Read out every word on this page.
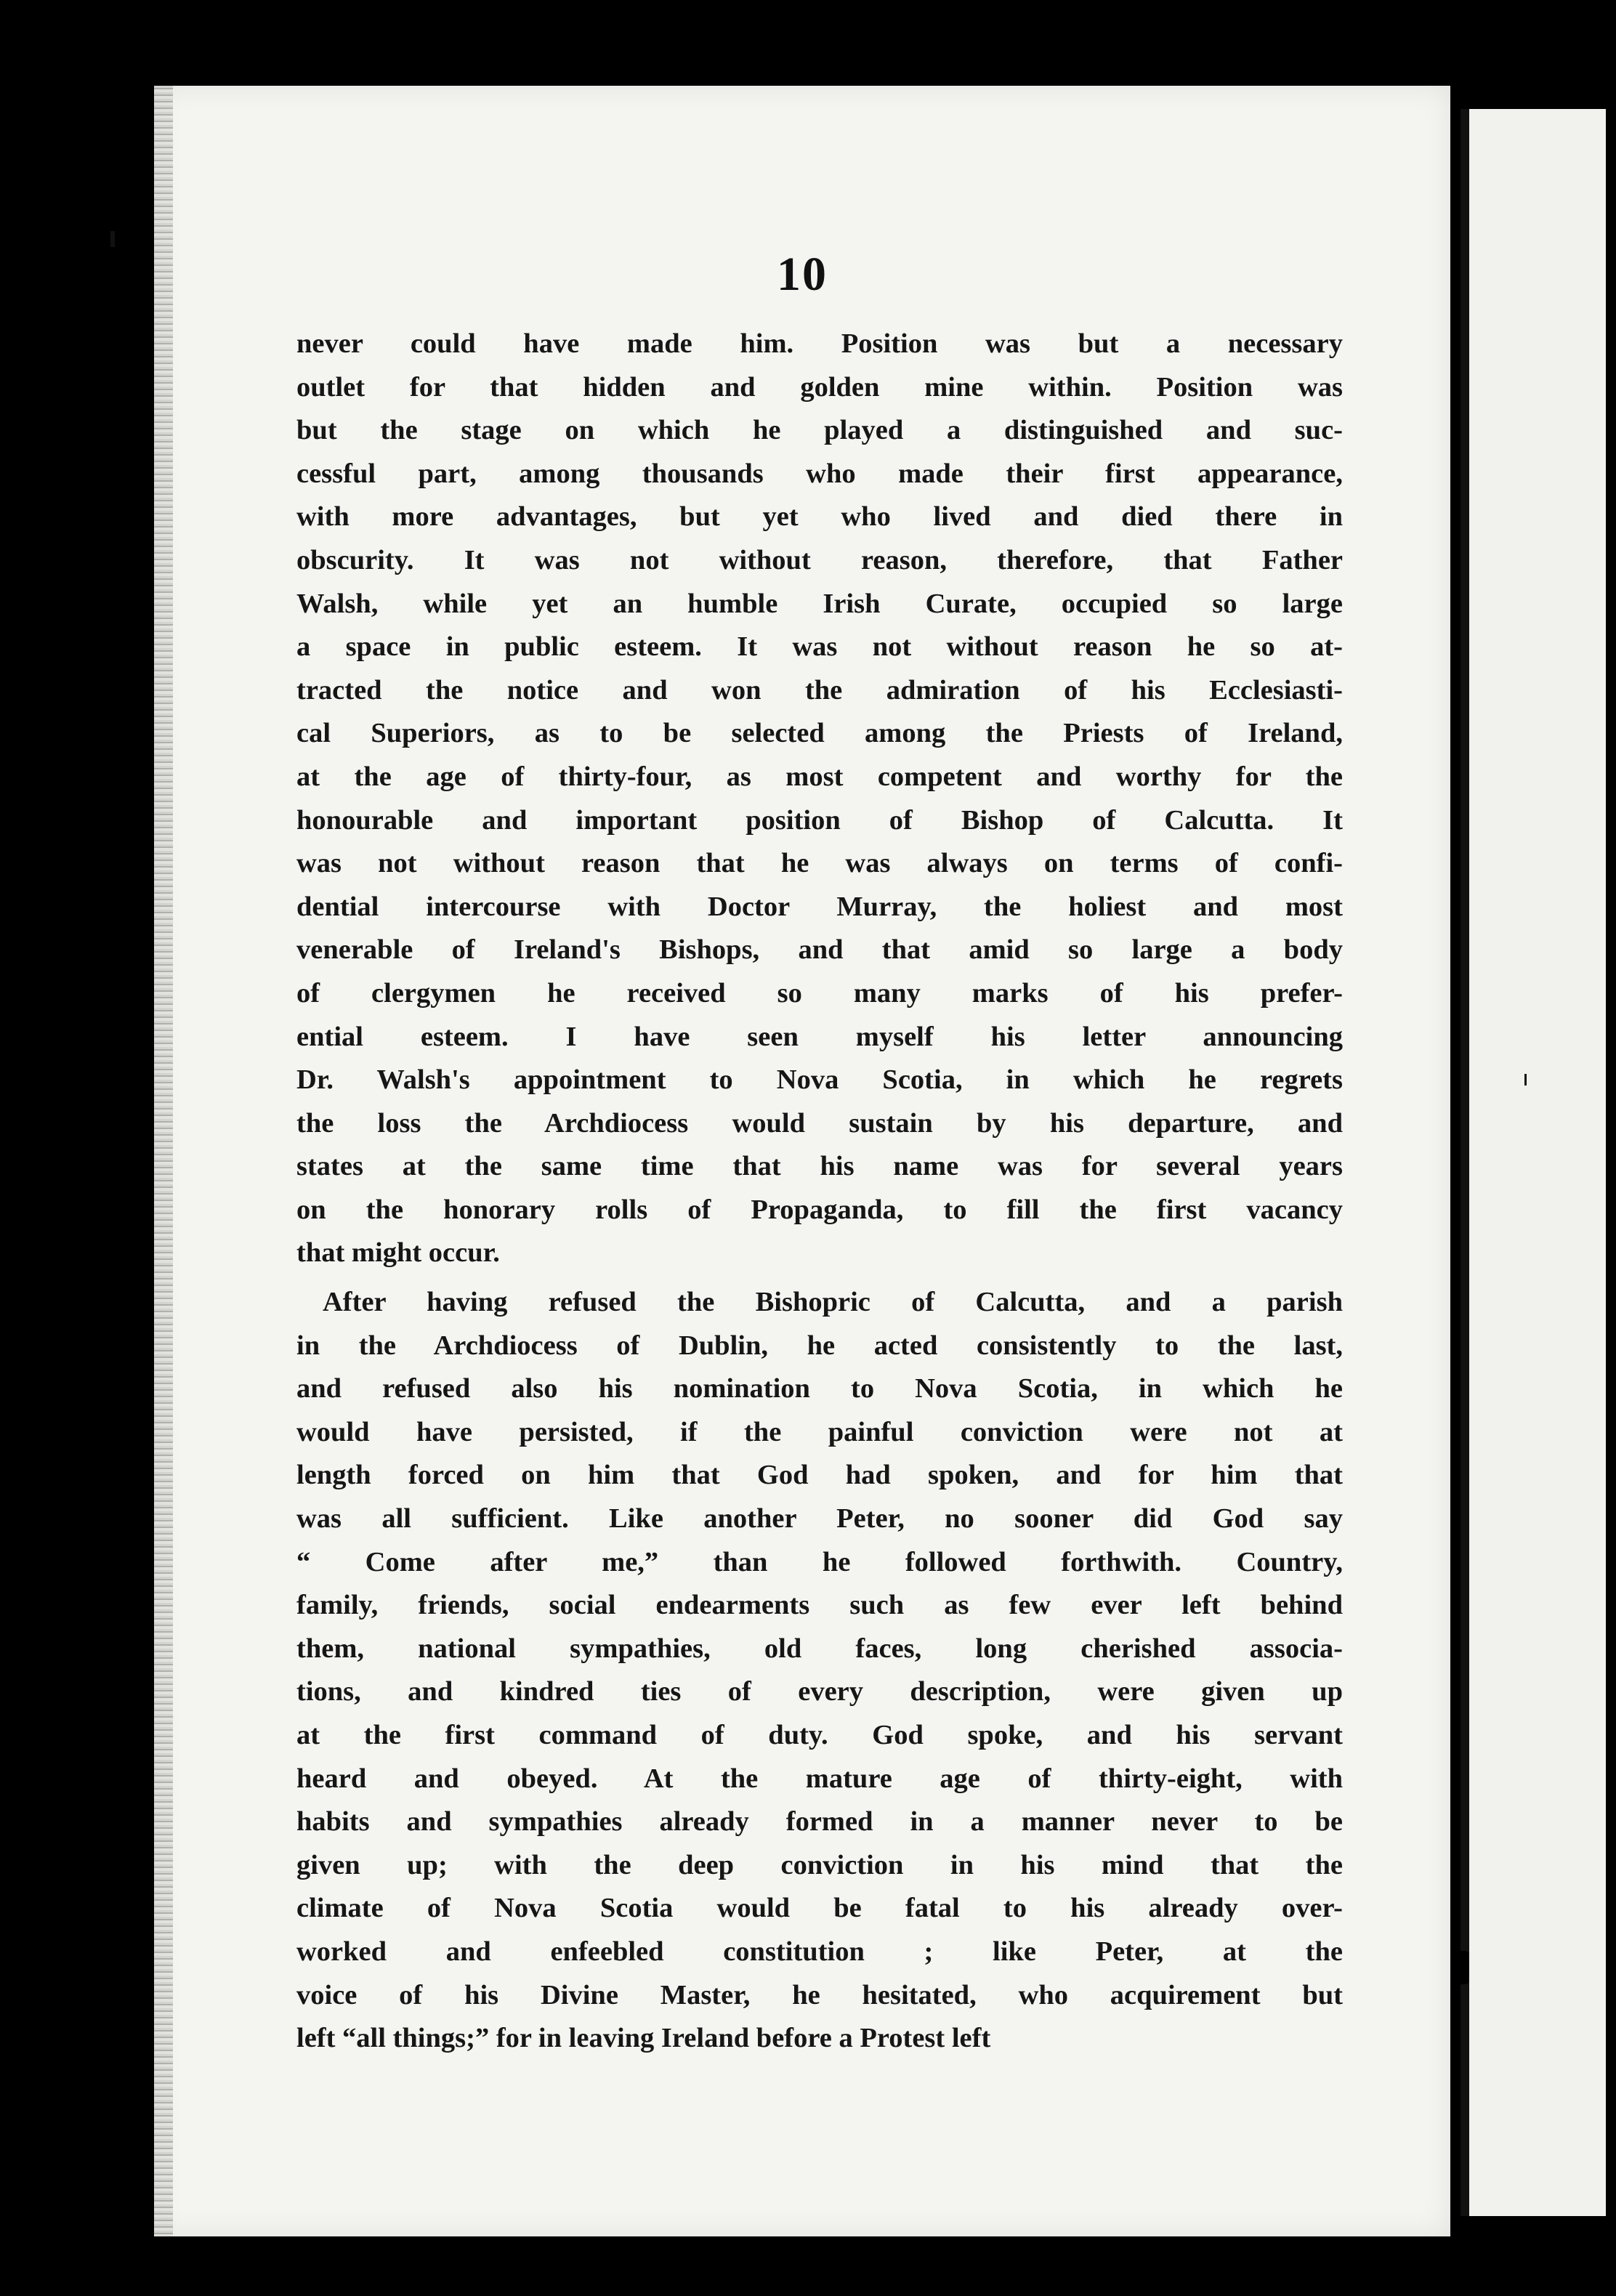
10
never could have made him. Position was but a necessary
outlet for that hidden and golden mine within. Position was
but the stage on which he played a distinguished and suc-
cessful part, among thousands who made their first appearance,
with more advantages, but yet who lived and died there in
obscurity. It was not without reason, therefore, that Father
Walsh, while yet an humble Irish Curate, occupied so large
a space in public esteem. It was not without reason he so at-
tracted the notice and won the admiration of his Ecclesiasti-
cal Superiors, as to be selected among the Priests of Ireland,
at the age of thirty-four, as most competent and worthy for the
honourable and important position of Bishop of Calcutta. It
was not without reason that he was always on terms of confi-
dential intercourse with Doctor Murray, the holiest and most
venerable of Ireland's Bishops, and that amid so large a body
of clergymen he received so many marks of his prefer-
ential esteem. I have seen myself his letter announcing
Dr. Walsh's appointment to Nova Scotia, in which he regrets
the loss the Archdiocess would sustain by his departure, and
states at the same time that his name was for several years
on the honorary rolls of Propaganda, to fill the first vacancy
that might occur.
After having refused the Bishopric of Calcutta, and a parish
in the Archdiocess of Dublin, he acted consistently to the last,
and refused also his nomination to Nova Scotia, in which he
would have persisted, if the painful conviction were not at
length forced on him that God had spoken, and for him that
was all sufficient. Like another Peter, no sooner did God say
“ Come after me,” than he followed forthwith. Country,
family, friends, social endearments such as few ever left behind
them, national sympathies, old faces, long cherished associa-
tions, and kindred ties of every description, were given up
at the first command of duty. God spoke, and his servant
heard and obeyed. At the mature age of thirty-eight, with
habits and sympathies already formed in a manner never to be
given up; with the deep conviction in his mind that the
climate of Nova Scotia would be fatal to his already over-
worked and enfeebled constitution ; like Peter, at the
voice of his Divine Master, he hesitated, who acquirement but
left “all things;” for in leaving Ireland before a Protest left
